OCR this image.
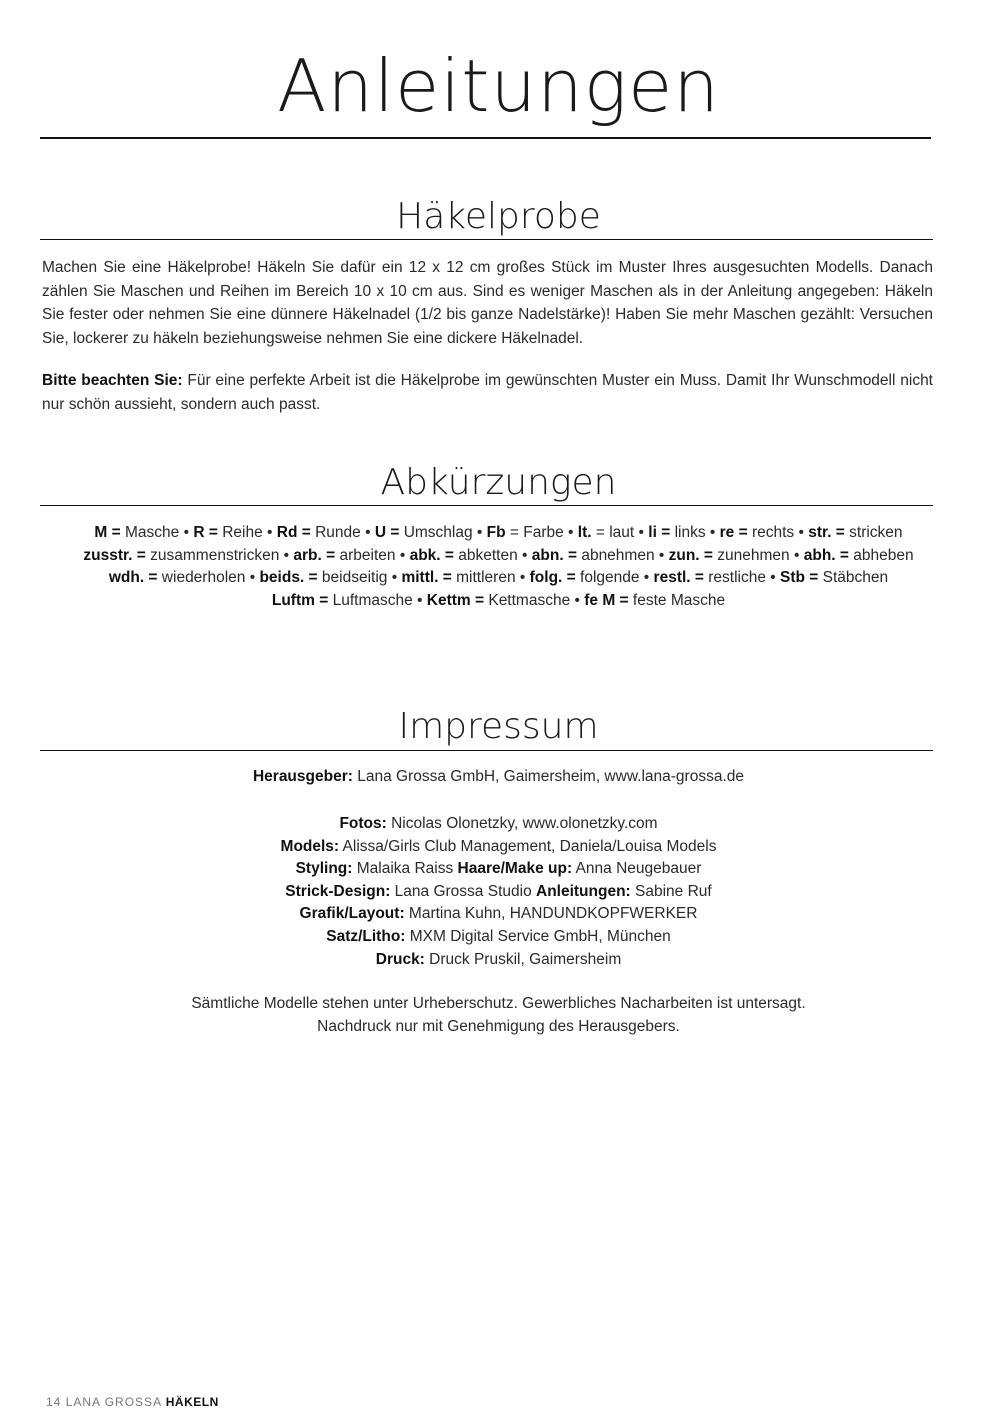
Anleitungen
Häkelprobe
Machen Sie eine Häkelprobe! Häkeln Sie dafür ein 12 x 12 cm großes Stück im Muster Ihres ausgesuchten Modells. Danach zählen Sie Maschen und Reihen im Bereich 10 x 10 cm aus. Sind es weniger Maschen als in der Anleitung angegeben: Häkeln Sie fester oder nehmen Sie eine dünnere Häkelnadel (1/2 bis ganze Nadelstärke)! Haben Sie mehr Maschen gezählt: Versuchen Sie, lockerer zu häkeln beziehungsweise nehmen Sie eine dickere Häkelnadel.
Bitte beachten Sie: Für eine perfekte Arbeit ist die Häkelprobe im gewünschten Muster ein Muss. Damit Ihr Wunschmodell nicht nur schön aussieht, sondern auch passt.
Abkürzungen
M = Masche • R = Reihe • Rd = Runde • U = Umschlag • Fb = Farbe • lt. = laut • li = links • re = rechts • str. = stricken
zusstr. = zusammenstricken • arb. = arbeiten • abk. = abketten • abn. = abnehmen • zun. = zunehmen • abh. = abheben
wdh. = wiederholen • beids. = beidseitig • mittl. = mittleren • folg. = folgende • restl. = restliche • Stb = Stäbchen
Luftm = Luftmasche • Kettm = Kettmasche • fe M = feste Masche
Impressum
Herausgeber: Lana Grossa GmbH, Gaimersheim, www.lana-grossa.de
Fotos: Nicolas Olonetzky, www.olonetzky.com
Models: Alissa/Girls Club Management, Daniela/Louisa Models
Styling: Malaika Raiss Haare/Make up: Anna Neugebauer
Strick-Design: Lana Grossa Studio Anleitungen: Sabine Ruf
Grafik/Layout: Martina Kuhn, HANDUNDKOPFWERKER
Satz/Litho: MXM Digital Service GmbH, München
Druck: Druck Pruskil, Gaimersheim
Sämtliche Modelle stehen unter Urheberschutz. Gewerbliches Nacharbeiten ist untersagt.
Nachdruck nur mit Genehmigung des Herausgebers.
14 LANA GROSSA HÄKELN
